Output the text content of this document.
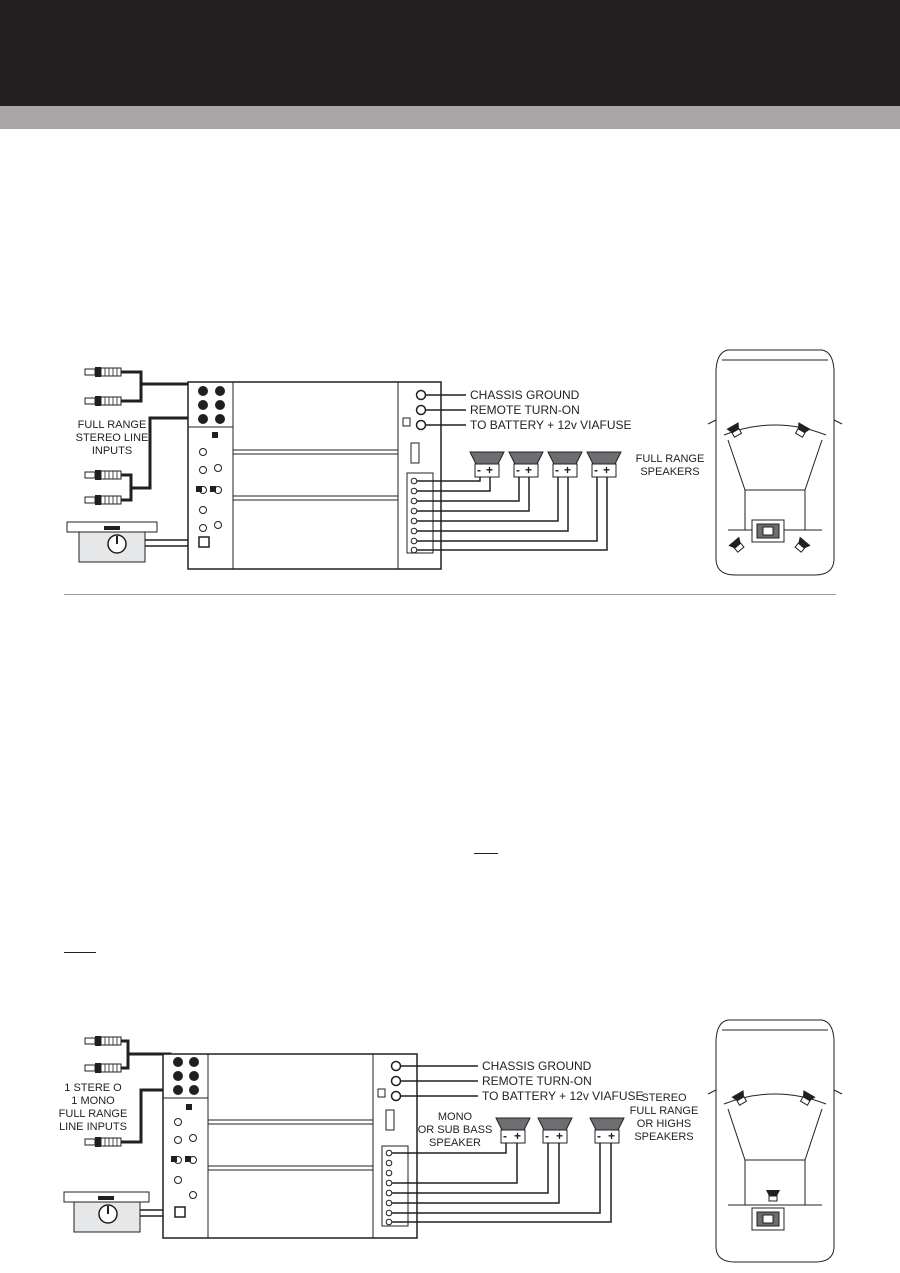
FULL RANGE
STEREO LINE
INPUTS
CHASSIS GROUND
REMOTE TURN-ON
TO BATTERY + 12v VIAFUSE
- + - + - + - +
FULL RANGE
SPEAKERS
1 STERE O
1 MONO
FULL RANGE
LINE INPUTS
CHASSIS GROUND
REMOTE TURN-ON
TO BATTERY + 12v VIAFUSE
MONO
OR SUB BASS
SPEAKER - + - +	- +
STEREO
FULL RANGE
OR HIGHS
SPEAKERS
